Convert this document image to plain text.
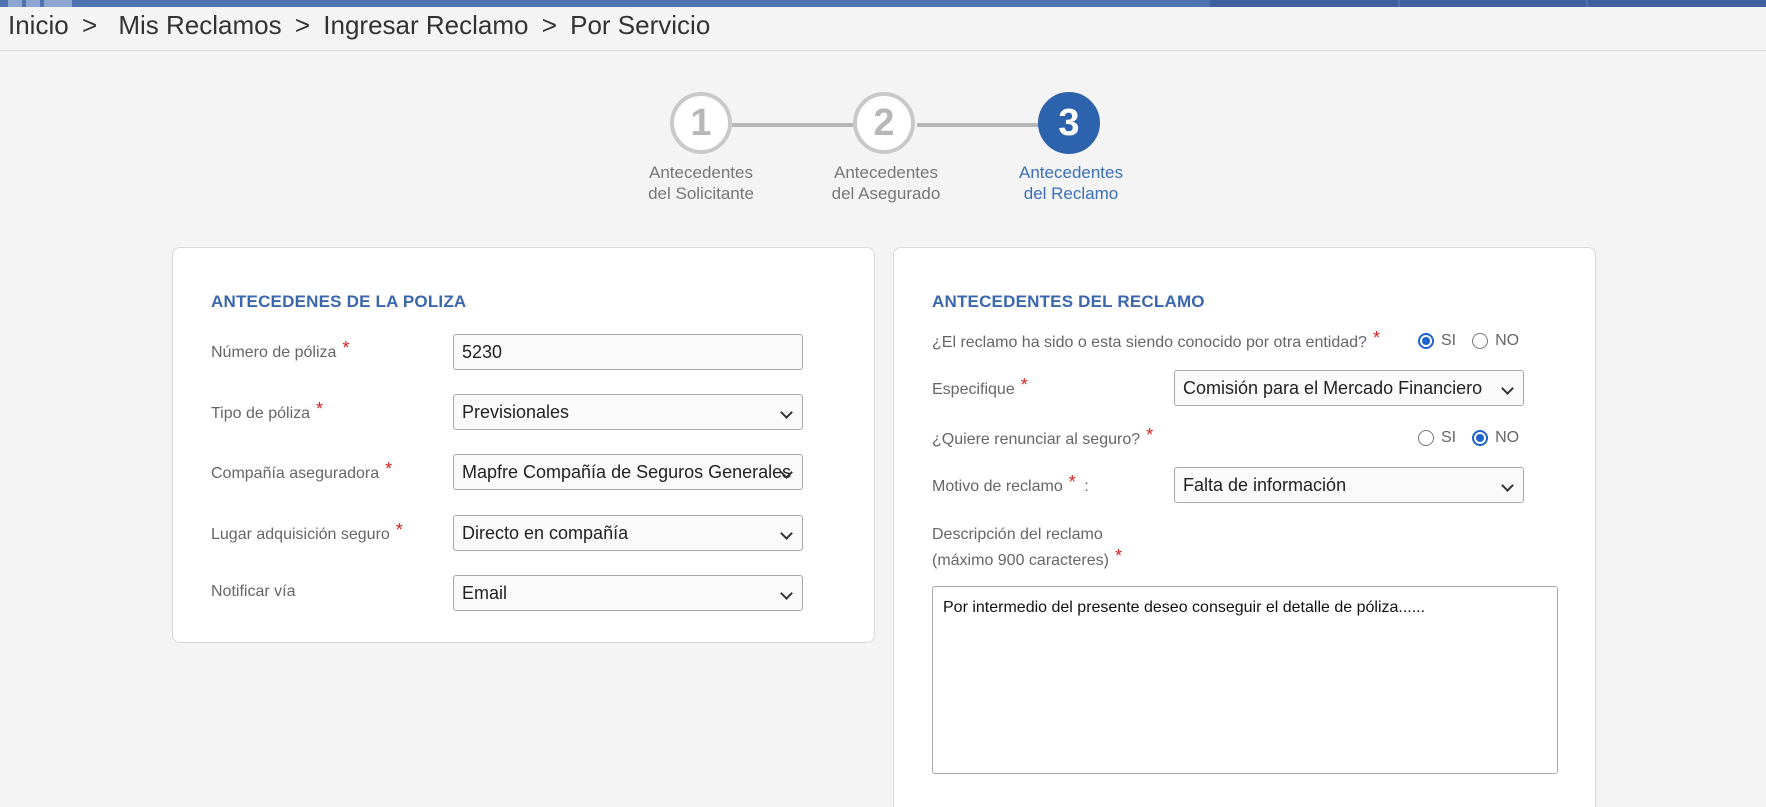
Inicio > Mis Reclamos > Ingresar Reclamo > Por Servicio
1
Antecedentes
del Solicitante
2
Antecedentes
del Asegurado
3
Antecedentes
del Reclamo
ANTECEDENES DE LA POLIZA
Número de póliza *	5230
Tipo de póliza *	Previsionales
Compañía aseguradora *	Mapfre Compañía de Seguros Generales
Lugar adquisición seguro *	Directo en compañía
Notificar vía	Email
ANTECEDENTES DEL RECLAMO
¿El reclamo ha sido o esta siendo conocido por otra entidad? *	SI NO
Especifique *	Comisión para el Mercado Financiero
¿Quiere renunciar al seguro? *	SI NO
Motivo de reclamo * :	Falta de información
Descripción del reclamo
(máximo 900 caracteres) *
Por intermedio del presente deseo conseguir el detalle de póliza......
